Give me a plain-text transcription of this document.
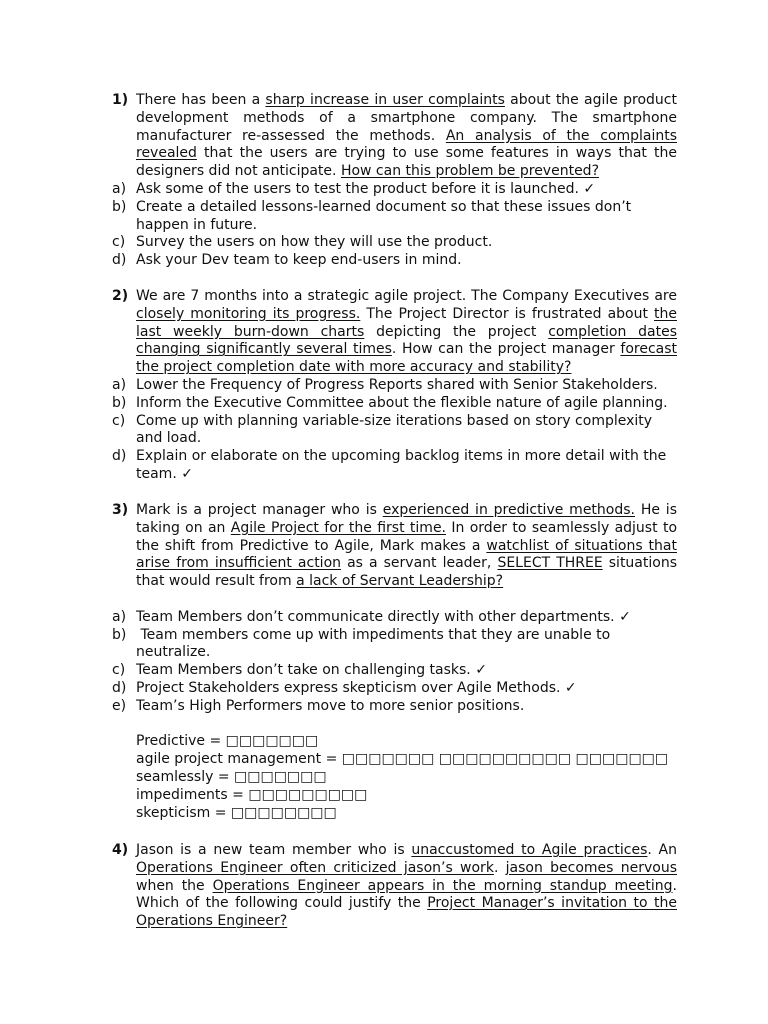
1) There has been a sharp increase in user complaints about the agile product development methods of a smartphone company. The smartphone manufacturer re-assessed the methods. An analysis of the complaints revealed that the users are trying to use some features in ways that the designers did not anticipate. How can this problem be prevented?
a) Ask some of the users to test the product before it is launched. ✓
b) Create a detailed lessons-learned document so that these issues don’t happen in future.
c) Survey the users on how they will use the product.
d) Ask your Dev team to keep end-users in mind.
2) We are 7 months into a strategic agile project. The Company Executives are closely monitoring its progress. The Project Director is frustrated about the last weekly burn-down charts depicting the project completion dates changing significantly several times. How can the project manager forecast the project completion date with more accuracy and stability?
a) Lower the Frequency of Progress Reports shared with Senior Stakeholders.
b) Inform the Executive Committee about the flexible nature of agile planning.
c) Come up with planning variable-size iterations based on story complexity and load.
d) Explain or elaborate on the upcoming backlog items in more detail with the team. ✓
3) Mark is a project manager who is experienced in predictive methods. He is taking on an Agile Project for the first time. In order to seamlessly adjust to the shift from Predictive to Agile, Mark makes a watchlist of situations that arise from insufficient action as a servant leader, SELECT THREE situations that would result from a lack of Servant Leadership?
a) Team Members don’t communicate directly with other departments. ✓
b) Team members come up with impediments that they are unable to neutralize.
c) Team Members don’t take on challenging tasks. ✓
d) Project Stakeholders express skepticism over Agile Methods. ✓
e) Team’s High Performers move to more senior positions.
Predictive = □□□□□□□
agile project management = □□□□□□□ □□□□□□□□□□ □□□□□□□
seamlessly = □□□□□□□
impediments = □□□□□□□□□
skepticism = □□□□□□□□
4) Jason is a new team member who is unaccustomed to Agile practices. An Operations Engineer often criticized jason’s work. jason becomes nervous when the Operations Engineer appears in the morning standup meeting. Which of the following could justify the Project Manager’s invitation to the Operations Engineer?
